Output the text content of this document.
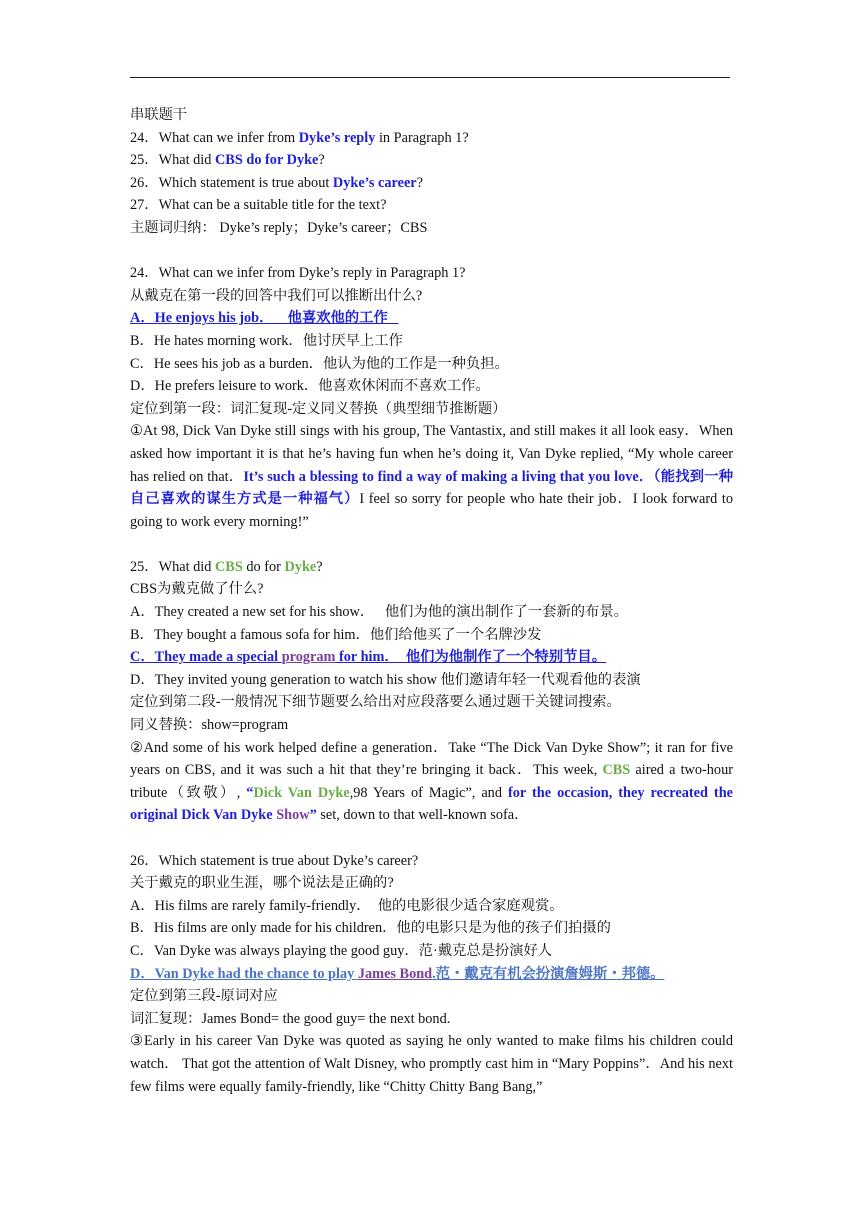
串联题干
24．What can we infer from Dyke’s reply in Paragraph 1?
25．What did CBS do for Dyke?
26．Which statement is true about Dyke’s career?
27．What can be a suitable title for the text?
主题词归纳： Dyke’s reply；Dyke’s career；CBS
24．What can we infer from Dyke’s reply in Paragraph 1?
从戴克在第一段的回答中我们可以推断出什么?
A．He enjoys his job．    他喜欢他的工作
B．He hates morning work．他讨厌早上工作
C．He sees his job as a burden．他认为他的工作是一种负担。
D．He prefers leisure to work．他喜欢休闲而不喜欢工作。
定位到第一段：词汇复现-定义同义替换（典型细节推断题）
①At 98, Dick Van Dyke still sings with his group, The Vantastix, and still makes it all look easy．When asked how important it is that he’s having fun when he’s doing it, Van Dyke replied, “My whole career has relied on that．It’s such a blessing to find a way of making a living that you love．（能找到一种自己喜欢的谋生方式是一种福气）I feel so sorry for people who hate their job．I look forward to going to work every morning!”
25．What did CBS do for Dyke?
CBS为戴克做了什么?
A．They created a new set for his show．   他们为他的演出制作了一套新的布景。
B．They bought a famous sofa for him．他们给他买了一个名牌沙发
C．They made a special program for him．  他们为他制作了一个特别节目。
D．They invited young generation to watch his show 他们邀请年轻一代观看他的表演
定位到第二段-一般情况下细节题要么给出对应段落要么通过题干关键词搜索。
同义替换：show=program
②And some of his work helped define a generation．Take “The Dick Van Dyke Show”; it ran for five years on CBS, and it was such a hit that they’re bringing it back．This week, CBS aired a two-hour tribute（致敬）, “Dick Van Dyke,98 Years of Magic”, and for the occasion, they recreated the original Dick Van Dyke Show” set, down to that well-known sofa．
26．Which statement is true about Dyke’s career?
关于戴克的职业生涯，哪个说法是正确的?
A．His films are rarely family-friendly．  他的电影很少适合家庭观赏。
B．His films are only made for his children．他的电影只是为他的孩子们拍摄的
C．Van Dyke was always playing the good guy．范·戴克总是扮演好人
D．Van Dyke had the chance to play James Bond.范・戴克有机会扮演詹姆斯・邦德。
定位到第三段-原词对应
词汇复现：James Bond= the good guy= the next bond.
③Early in his career Van Dyke was quoted as saying he only wanted to make films his children could watch． That got the attention of Walt Disney, who promptly cast him in “Mary Poppins”．And his next few films were equally family-friendly, like “Chitty Chitty Bang Bang,”
